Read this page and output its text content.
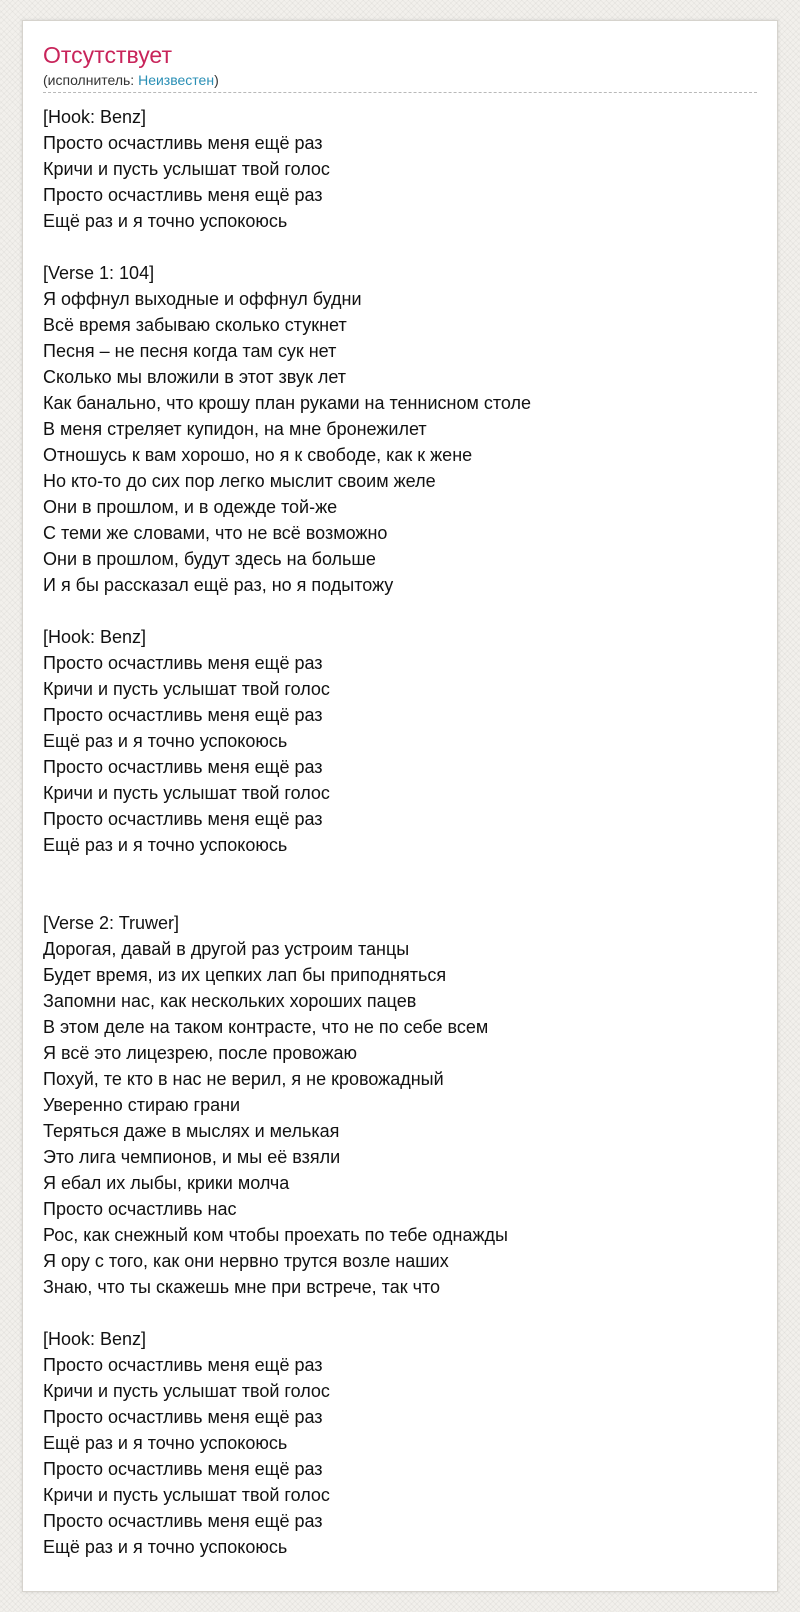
Отсутствует
(исполнитель: Неизвестен)
[Hook: Benz]
Просто осчастливь меня ещё раз
Кричи и пусть услышат твой голос
Просто осчастливь меня ещё раз
Ещё раз и я точно успокоюсь
[Verse 1: 104]
Я оффнул выходные и оффнул будни
Всё время забываю сколько стукнет
Песня – не песня когда там сук нет
Сколько мы вложили в этот звук лет
Как банально, что крошу план руками на теннисном столе
В меня стреляет купидон, на мне бронежилет
Отношусь к вам хорошо, но я к свободе, как к жене
Но кто-то до сих пор легко мыслит своим желе
Они в прошлом, и в одежде той-же
С теми же словами, что не всё возможно
Они в прошлом, будут здесь на больше
И я бы рассказал ещё раз, но я подытожу
[Hook: Benz]
Просто осчастливь меня ещё раз
Кричи и пусть услышат твой голос
Просто осчастливь меня ещё раз
Ещё раз и я точно успокоюсь
Просто осчастливь меня ещё раз
Кричи и пусть услышат твой голос
Просто осчастливь меня ещё раз
Ещё раз и я точно успокоюсь
[Verse 2: Truwer]
Дорогая, давай в другой раз устроим танцы
Будет время, из их цепких лап бы приподняться
Запомни нас, как нескольких хороших пацев
В этом деле на таком контрасте, что не по себе всем
Я всё это лицезрею, после провожаю
Похуй, те кто в нас не верил, я не кровожадный
Уверенно стираю грани
Теряться даже в мыслях и мелькая
Это лига чемпионов, и мы её взяли
Я ебал их лыбы, крики молча
Просто осчастливь нас
Рос, как снежный ком чтобы проехать по тебе однажды
Я ору с того, как они нервно трутся возле наших
Знаю, что ты скажешь мне при встрече, так что
[Hook: Benz]
Просто осчастливь меня ещё раз
Кричи и пусть услышат твой голос
Просто осчастливь меня ещё раз
Ещё раз и я точно успокоюсь
Просто осчастливь меня ещё раз
Кричи и пусть услышат твой голос
Просто осчастливь меня ещё раз
Ещё раз и я точно успокоюсь
